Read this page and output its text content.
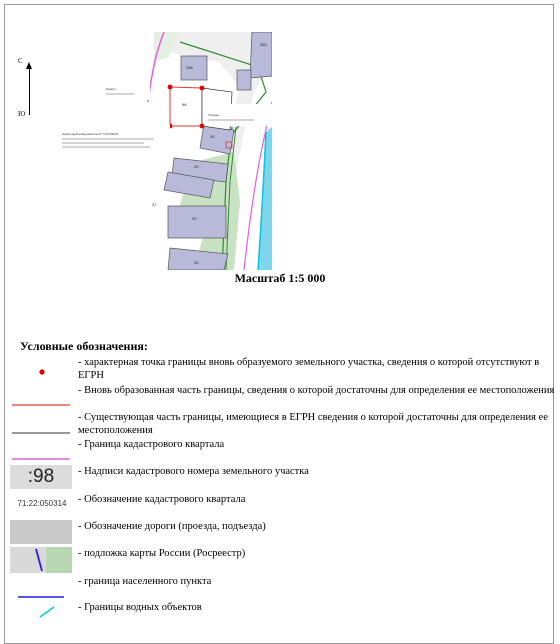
С
Ю
256
260
98
26
23
29
33
27
Кадастр...
Кадастровый номер квартала ЗУ 71:22:050314
Площадь...
Масштаб 1:5 000
Условные обозначения:
- характерная точка границы вновь образуемого земельного участка, сведения о которой отсутствуют в ЕГРН
- Вновь образованная часть границы, сведения о которой достаточны для определения ее местоположения
- Существующая часть границы, имеющиеся в ЕГРН сведения о которой достаточны для определения ее местоположения
- Граница кадастрового квартала
:98	- Надписи кадастрового номера земельного участка
71:22:050314	- Обозначение кадастрового квартала
- Обозначение дороги (проезда, подъезда)
- подложка карты России (Росреестр)
- граница населенного пункта
- Границы водных объектов
